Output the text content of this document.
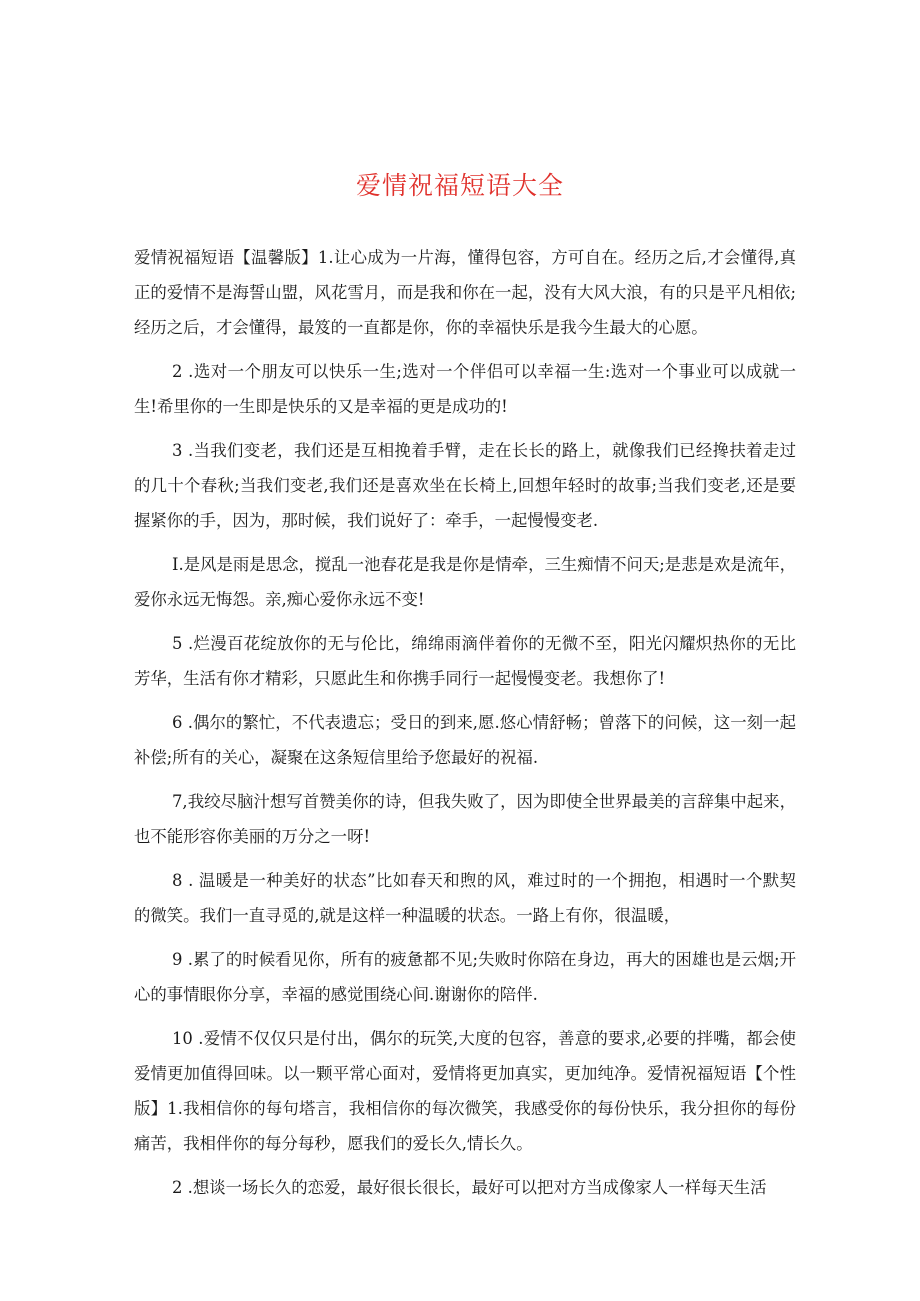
爱情祝福短语大全

爱情祝福短语【温馨版】1.让心成为一片海，懂得包容，方可自在。经历之后,才会懂得,真正的爱情不是海誓山盟，风花雪月，而是我和你在一起，没有大风大浪，有的只是平凡相依;经历之后，才会懂得，最笈的一直都是你，你的幸福快乐是我今生最大的心愿。

2 .选对一个朋友可以快乐一生;选对一个伴侣可以幸福一生:选对一个事业可以成就一生!希里你的一生即是快乐的又是幸福的更是成功的!

3 .当我们变老，我们还是互相挽着手臂，走在长长的路上，就像我们已经搀扶着走过的几十个春秋;当我们变老,我们还是喜欢坐在长椅上,回想年轻时的故事;当我们变老,还是要握紧你的手，因为，那时候，我们说好了：牵手，一起慢慢变老.

I.是风是雨是思念，搅乱一池春花是我是你是情牵，三生痴情不问天;是悲是欢是流年，爱你永远无悔怨。亲,痴心爱你永远不变!

5 .烂漫百花绽放你的无与伦比，绵绵雨滴伴着你的无微不至，阳光闪耀炽热你的无比芳华，生活有你才精彩，只愿此生和你携手同行一起慢慢变老。我想你了!

6 .偶尔的繁忙，不代表遗忘；受日的到来,愿.悠心情舒畅；曾落下的问候，这一刻一起补偿;所有的关心，凝聚在这条短信里给予您最好的祝福.

7,我绞尽脑汁想写首赞美你的诗，但我失败了，因为即使全世界最美的言辞集中起来，也不能形容你美丽的万分之一呀!

8 . 温暖是一种美好的状态”比如春天和煦的风，难过时的一个拥抱，相遇时一个默契的微笑。我们一直寻觅的,就是这样一种温暖的状态。一路上有你，很温暖，

9 .累了的时候看见你，所有的疲惫都不见;失败时你陪在身边，再大的困雄也是云烟;开心的事情眼你分享，幸福的感觉围绕心间.谢谢你的陪伴.

10 .爱情不仅仅只是付出，偶尔的玩笑,大度的包容，善意的要求,必要的拌嘴，都会使爱情更加值得回味。以一颗平常心面对，爱情将更加真实，更加纯净。爱情祝福短语【个性版】1.我相信你的每句塔言，我相信你的每次微笑，我感受你的每份快乐，我分担你的每份痛苦，我相伴你的每分每秒，愿我们的爱长久,情长久。

2 .想谈一场长久的恋爱，最好很长很长，最好可以把对方当成像家人一样每天生活
